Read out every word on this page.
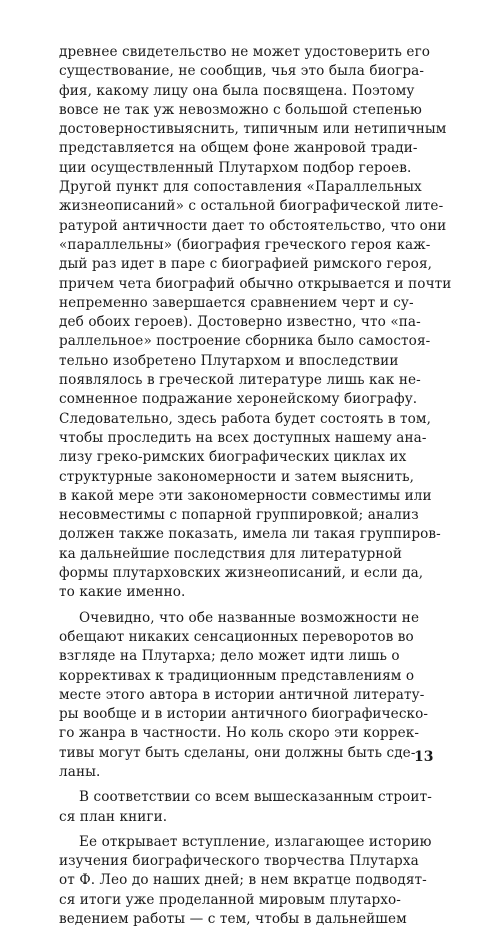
древнее свидетельство не может удостоверить его
существование, не сообщив, чья это была биогра-
фия, какому лицу она была посвящена. Поэтому
вовсе не так уж невозможно с большой степенью
достоверностивыяснить, типичным или нетипичным
представляется на общем фоне жанровой тради-
ции осуществленный Плутархом подбор героев.
Другой пункт для сопоставления «Параллельных
жизнеописаний» с остальной биографической лите-
ратурой античности дает то обстоятельство, что они
«параллельны» (биография греческого героя каж-
дый раз идет в паре с биографией римского героя,
причем чета биографий обычно открывается и почти
непременно завершается сравнением черт и су-
деб обоих героев). Достоверно известно, что «па-
раллельное» построение сборника было самостоя-
тельно изобретено Плутархом и впоследствии
появлялось в греческой литературе лишь как не-
сомненное подражание херонейскому биографу.
Следовательно, здесь работа будет состоять в том,
чтобы проследить на всех доступных нашему ана-
лизу греко-римских биографических циклах их
структурные закономерности и затем выяснить,
в какой мере эти закономерности совместимы или
несовместимы с попарной группировкой; анализ
должен также показать, имела ли такая группиров-
ка дальнейшие последствия для литературной
формы плутарховских жизнеописаний, и если да,
то какие именно.
Очевидно, что обе названные возможности не
обещают никаких сенсационных переворотов во
взгляде на Плутарха; дело может идти лишь о
коррективах к традиционным представлениям о
месте этого автора в истории античной литерату-
ры вообще и в истории античного биографическо-
го жанра в частности. Но коль скоро эти коррек-
тивы могут быть сделаны, они должны быть сде-
ланы.
В соответствии со всем вышесказанным строит-
ся план книги.
Ее открывает вступление, излагающее историю
изучения биографического творчества Плутарха
от Ф. Лео до наших дней; в нем вкратце подводят-
ся итоги уже проделанной мировым плутархо-
ведением работы — с тем, чтобы в дальнейшем
13
